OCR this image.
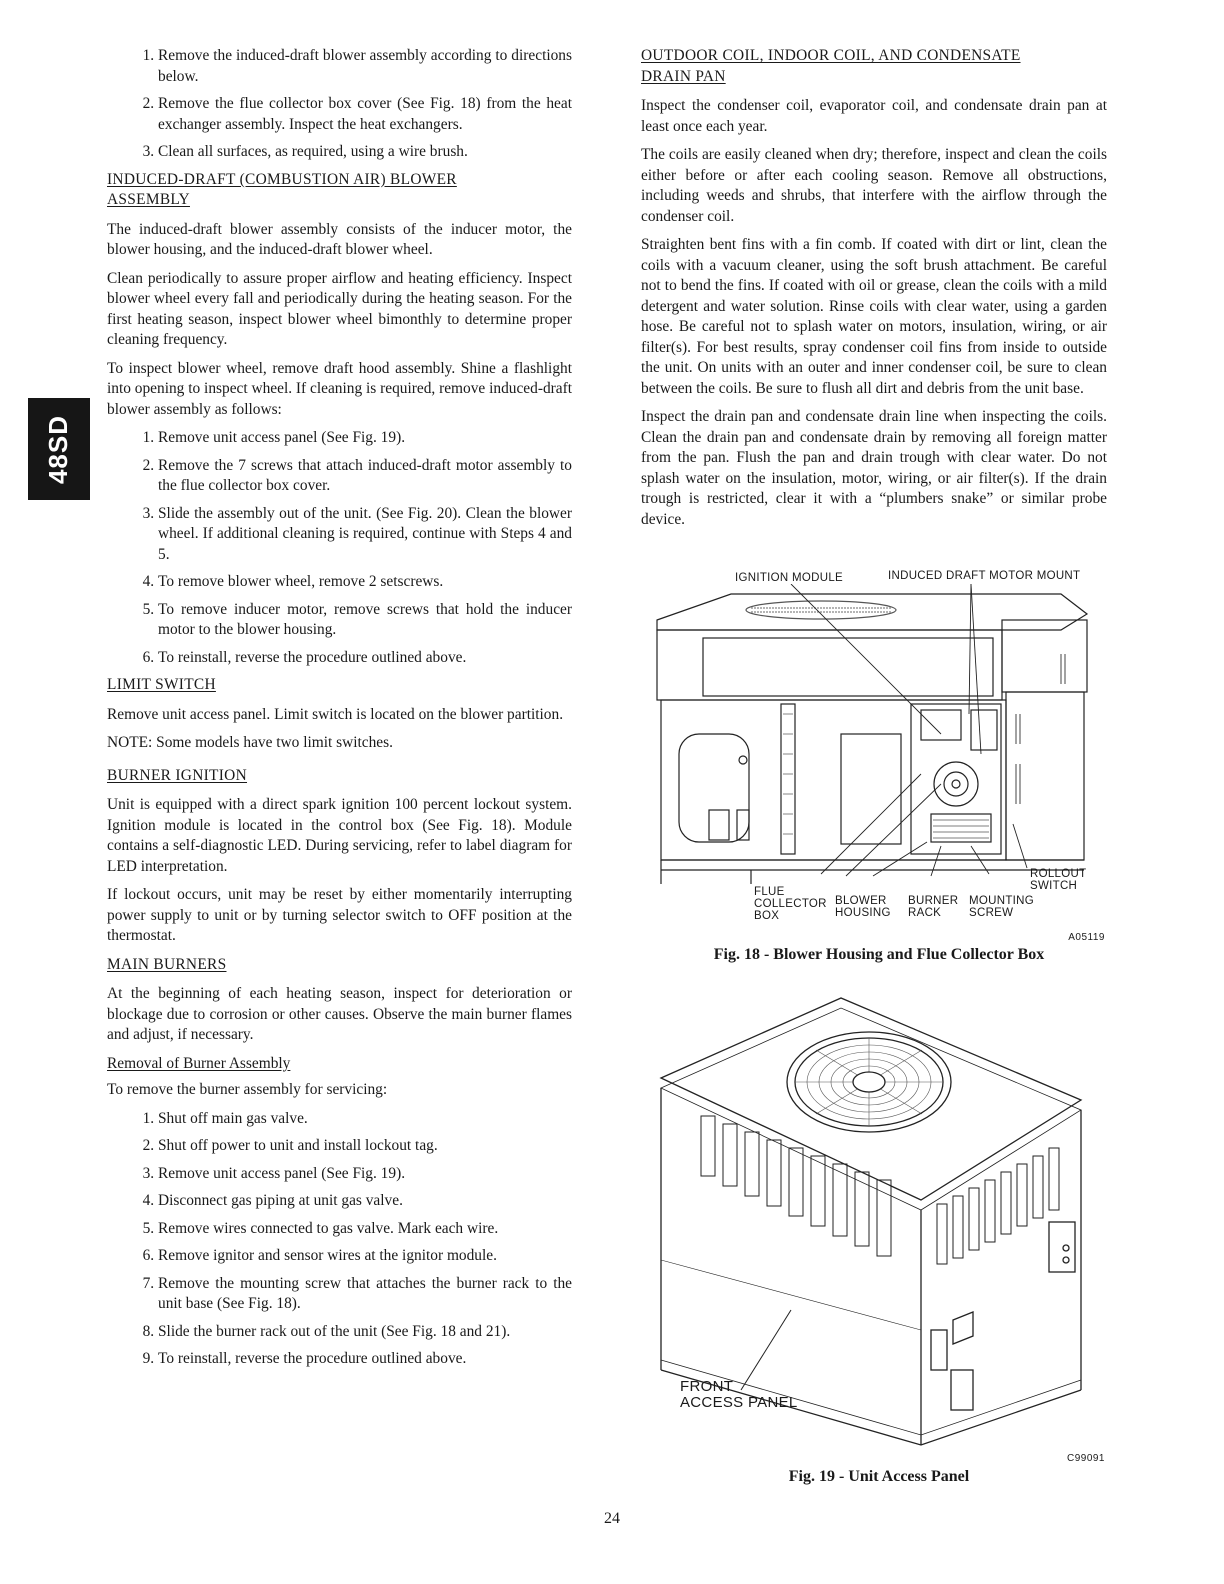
48SD
1. Remove the induced-draft blower assembly according to directions below.
2. Remove the flue collector box cover (See Fig. 18) from the heat exchanger assembly. Inspect the heat exchangers.
3. Clean all surfaces, as required, using a wire brush.
INDUCED-DRAFT (COMBUSTION AIR) BLOWER ASSEMBLY

The induced-draft blower assembly consists of the inducer motor, the blower housing, and the induced-draft blower wheel.

Clean periodically to assure proper airflow and heating efficiency. Inspect blower wheel every fall and periodically during the heating season. For the first heating season, inspect blower wheel bimonthly to determine proper cleaning frequency.

To inspect blower wheel, remove draft hood assembly. Shine a flashlight into opening to inspect wheel. If cleaning is required, remove induced-draft blower assembly as follows:

1. Remove unit access panel (See Fig. 19).
2. Remove the 7 screws that attach induced-draft motor assembly to the flue collector box cover.
3. Slide the assembly out of the unit. (See Fig. 20). Clean the blower wheel. If additional cleaning is required, continue with Steps 4 and 5.
4. To remove blower wheel, remove 2 setscrews.
5. To remove inducer motor, remove screws that hold the inducer motor to the blower housing.
6. To reinstall, reverse the procedure outlined above.
LIMIT SWITCH

Remove unit access panel. Limit switch is located on the blower partition.

NOTE: Some models have two limit switches.

BURNER IGNITION

Unit is equipped with a direct spark ignition 100 percent lockout system. Ignition module is located in the control box (See Fig. 18). Module contains a self-diagnostic LED. During servicing, refer to label diagram for LED interpretation.

If lockout occurs, unit may be reset by either momentarily interrupting power supply to unit or by turning selector switch to OFF position at the thermostat.

MAIN BURNERS

At the beginning of each heating season, inspect for deterioration or blockage due to corrosion or other causes. Observe the main burner flames and adjust, if necessary.

Removal of Burner Assembly

To remove the burner assembly for servicing:

1. Shut off main gas valve.
2. Shut off power to unit and install lockout tag.
3. Remove unit access panel (See Fig. 19).
4. Disconnect gas piping at unit gas valve.
5. Remove wires connected to gas valve. Mark each wire.
6. Remove ignitor and sensor wires at the ignitor module.
7. Remove the mounting screw that attaches the burner rack to the unit base (See Fig. 18).
8. Slide the burner rack out of the unit (See Fig. 18 and 21).
9. To reinstall, reverse the procedure outlined above.
OUTDOOR COIL, INDOOR COIL, AND CONDENSATE DRAIN PAN

Inspect the condenser coil, evaporator coil, and condensate drain pan at least once each year.

The coils are easily cleaned when dry; therefore, inspect and clean the coils either before or after each cooling season. Remove all obstructions, including weeds and shrubs, that interfere with the airflow through the condenser coil.

Straighten bent fins with a fin comb. If coated with dirt or lint, clean the coils with a vacuum cleaner, using the soft brush attachment. Be careful not to bend the fins. If coated with oil or grease, clean the coils with a mild detergent and water solution. Rinse coils with clear water, using a garden hose. Be careful not to splash water on motors, insulation, wiring, or air filter(s). For best results, spray condenser coil fins from inside to outside the unit. On units with an outer and inner condenser coil, be sure to clean between the coils. Be sure to flush all dirt and debris from the unit base.

Inspect the drain pan and condensate drain line when inspecting the coils. Clean the drain pan and condensate drain by removing all foreign matter from the pan. Flush the pan and drain trough with clear water. Do not splash water on the insulation, motor, wiring, or air filter(s). If the drain trough is restricted, clear it with a “plumbers snake” or similar probe device.

IGNITION MODULE	INDUCED DRAFT MOTOR MOUNT
ROLLOUT
SWITCH
FLUE
COLLECTOR
BOX
BLOWER
HOUSING
BURNER
RACK
MOUNTING
SCREW
A05119
Fig. 18 - Blower Housing and Flue Collector Box
FRONT
ACCESS PANEL
C99091
Fig. 19 - Unit Access Panel
24
